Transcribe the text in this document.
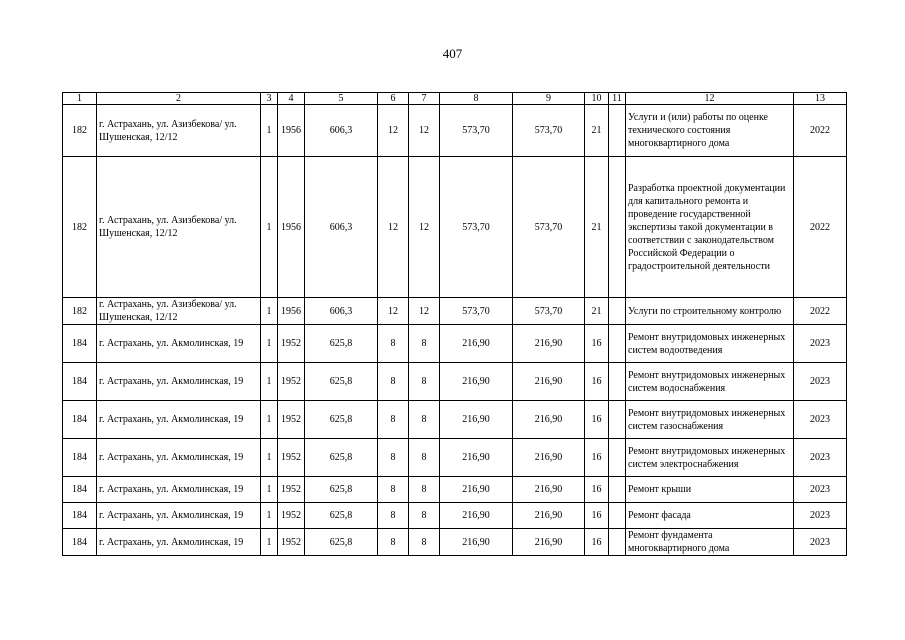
407
1	2	3	4	5	6	7	8	9	10	11	12	13
182	г. Астрахань, ул. Азизбекова/ ул. Шушенская, 12/12	1	1956	606,3	12	12	573,70	573,70	21		Услуги и (или) работы по оценке технического состояния многоквартирного дома	2022
182	г. Астрахань, ул. Азизбекова/ ул. Шушенская, 12/12	1	1956	606,3	12	12	573,70	573,70	21		Разработка проектной документации для капитального ремонта и проведение государственной экспертизы такой документации в соответствии с законодательством Российской Федерации о градостроительной деятельности	2022
182	г. Астрахань, ул. Азизбекова/ ул. Шушенская, 12/12	1	1956	606,3	12	12	573,70	573,70	21		Услуги по строительному контролю	2022
184	г. Астрахань, ул. Акмолинская, 19	1	1952	625,8	8	8	216,90	216,90	16		Ремонт внутридомовых инженерных систем водоотведения	2023
184	г. Астрахань, ул. Акмолинская, 19	1	1952	625,8	8	8	216,90	216,90	16		Ремонт внутридомовых инженерных систем водоснабжения	2023
184	г. Астрахань, ул. Акмолинская, 19	1	1952	625,8	8	8	216,90	216,90	16		Ремонт внутридомовых инженерных систем газоснабжения	2023
184	г. Астрахань, ул. Акмолинская, 19	1	1952	625,8	8	8	216,90	216,90	16		Ремонт внутридомовых инженерных систем электроснабжения	2023
184	г. Астрахань, ул. Акмолинская, 19	1	1952	625,8	8	8	216,90	216,90	16		Ремонт крыши	2023
184	г. Астрахань, ул. Акмолинская, 19	1	1952	625,8	8	8	216,90	216,90	16		Ремонт фасада	2023
184	г. Астрахань, ул. Акмолинская, 19	1	1952	625,8	8	8	216,90	216,90	16		Ремонт фундамента многоквартирного дома	2023
